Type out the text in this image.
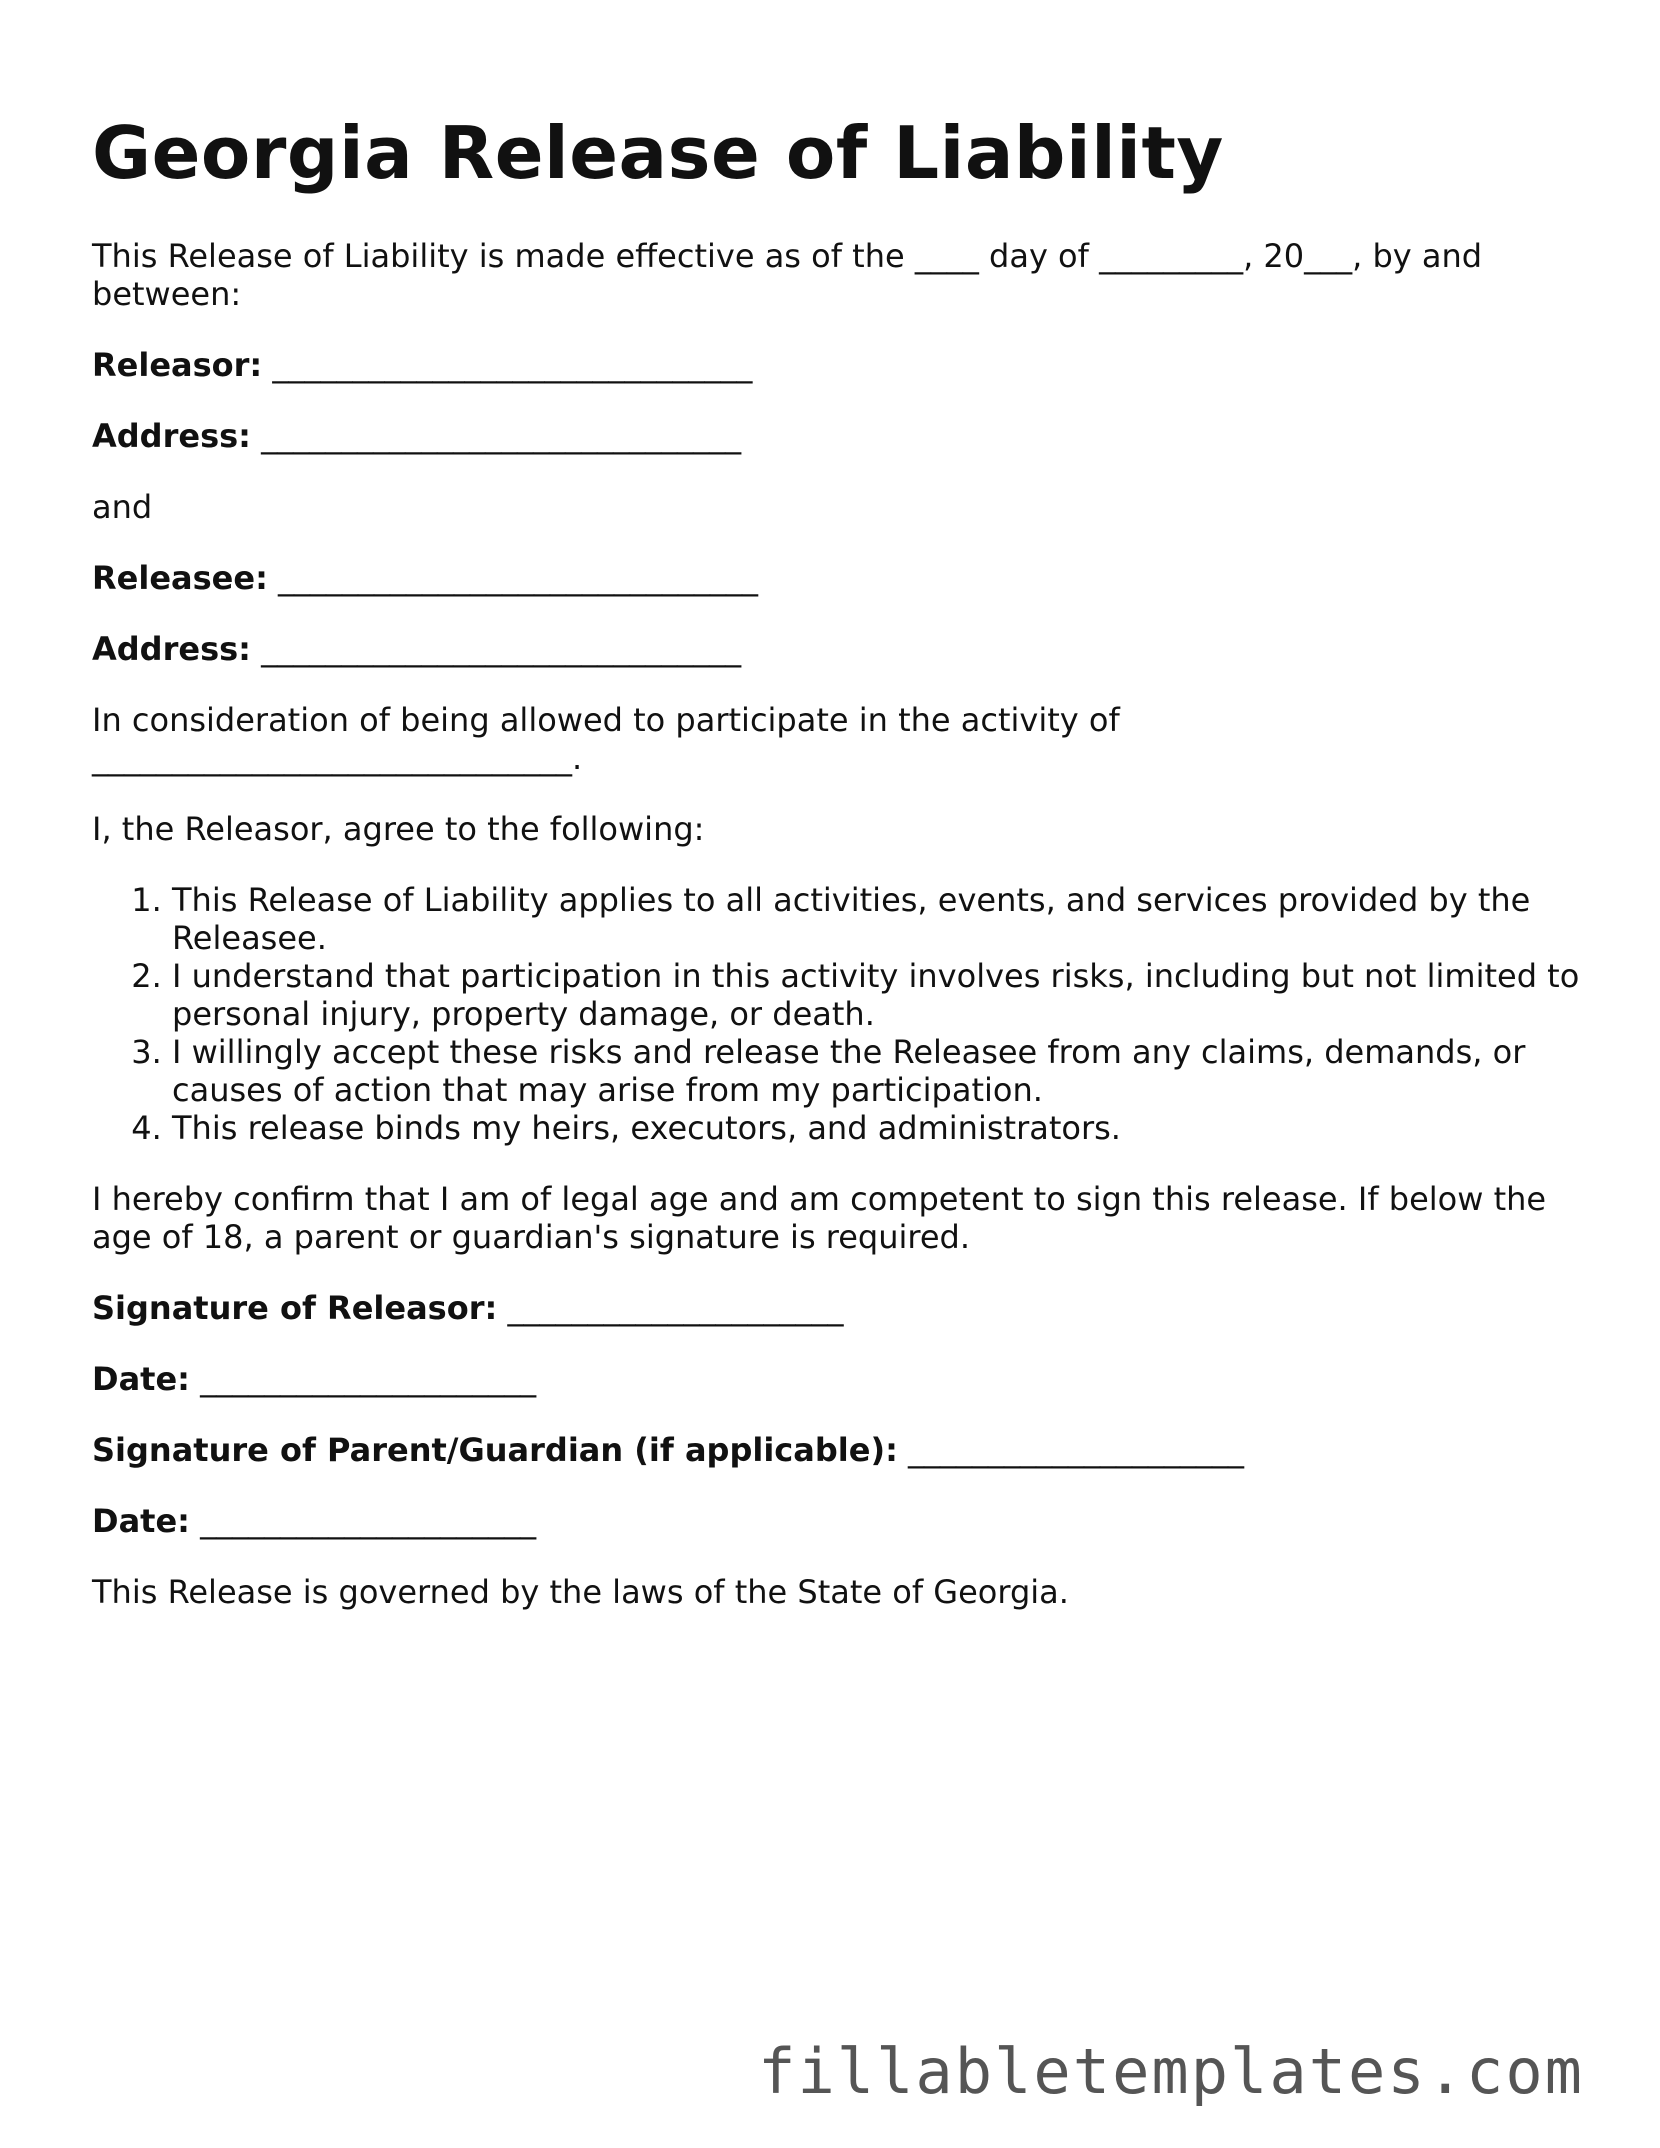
Georgia Release of Liability

This Release of Liability is made effective as of the ____ day of _________, 20___, by and between:

Releasor: ______________________________

Address: ______________________________

and

Releasee: ______________________________

Address: ______________________________

In consideration of being allowed to participate in the activity of ______________________________.

I, the Releasor, agree to the following:

1. This Release of Liability applies to all activities, events, and services provided by the Releasee.
2. I understand that participation in this activity involves risks, including but not limited to personal injury, property damage, or death.
3. I willingly accept these risks and release the Releasee from any claims, demands, or causes of action that may arise from my participation.
4. This release binds my heirs, executors, and administrators.

I hereby confirm that I am of legal age and am competent to sign this release. If below the age of 18, a parent or guardian's signature is required.

Signature of Releasor: _____________________

Date: _____________________

Signature of Parent/Guardian (if applicable): _____________________

Date: _____________________

This Release is governed by the laws of the State of Georgia.

fillabletemplates.com
